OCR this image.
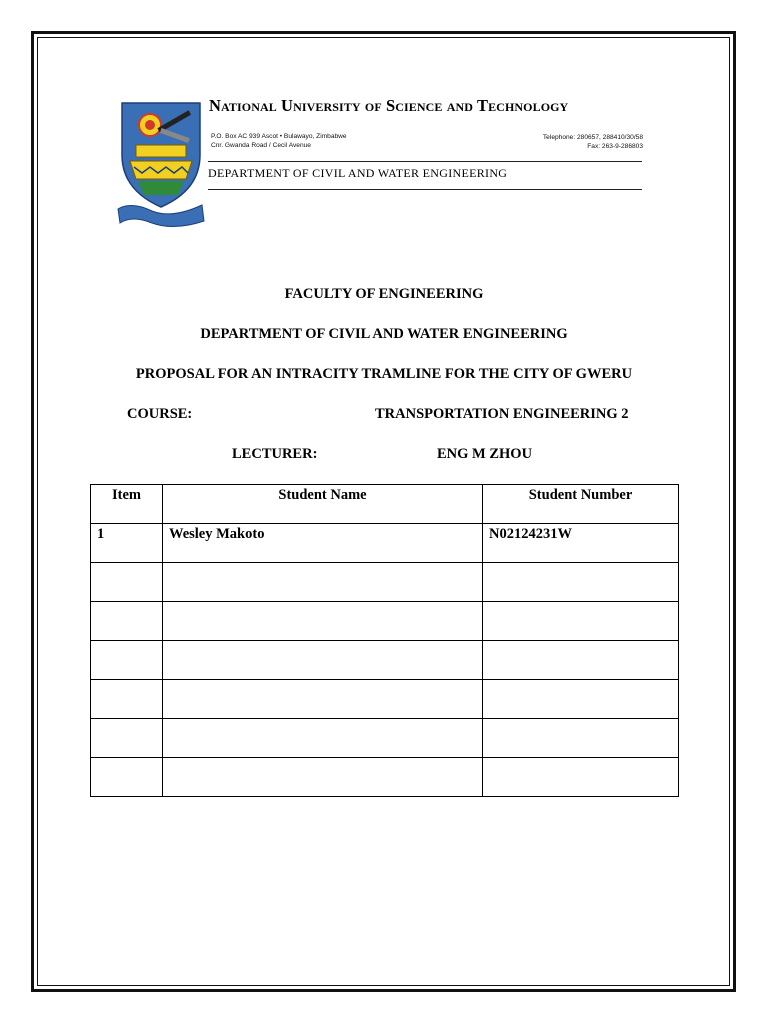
National University of Science and Technology
P.O. Box AC 939 Ascot • Bulawayo, Zimbabwe
Cnr. Gwanda Road / Cecil Avenue
Telephone: 280657, 288410/30/58
Fax: 263-9-286803
DEPARTMENT OF CIVIL AND WATER ENGINEERING
FACULTY OF ENGINEERING
DEPARTMENT OF CIVIL AND WATER ENGINEERING
PROPOSAL FOR AN INTRACITY TRAMLINE FOR THE CITY OF GWERU
COURSE:	TRANSPORTATION ENGINEERING 2
LECTURER:	ENG M ZHOU
Item	Student Name	Student Number
1	Wesley Makoto	N02124231W
